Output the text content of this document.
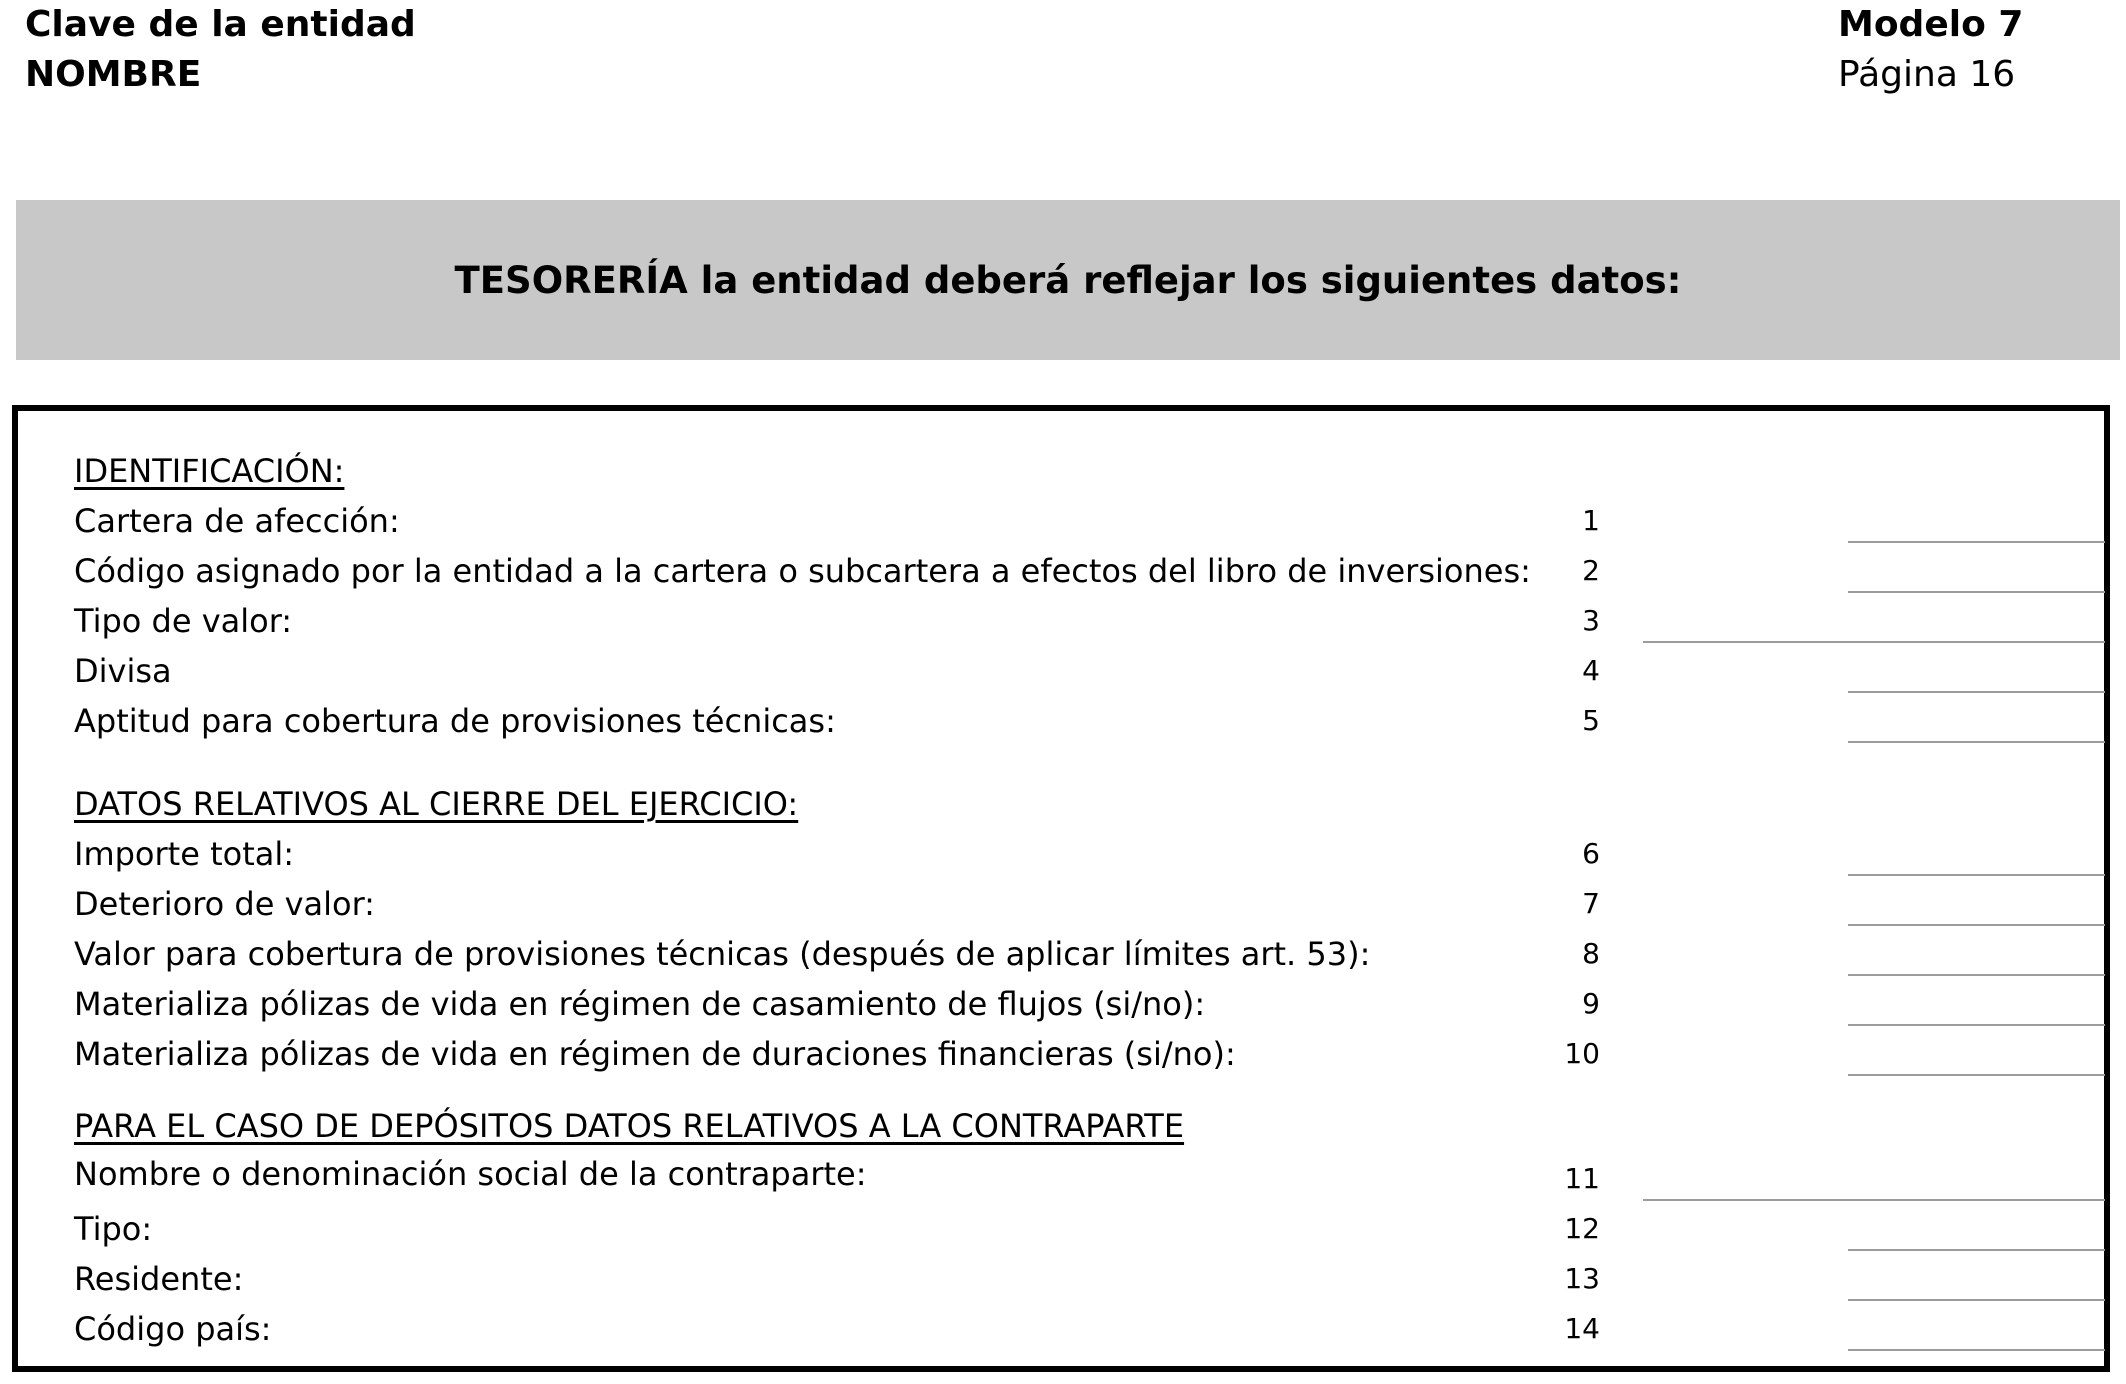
Clave de la entidad
NOMBRE
Modelo 7
Página 16
TESORERÍA la entidad deberá reflejar los siguientes datos:
IDENTIFICACIÓN:
Cartera de afección:	1
Código asignado por la entidad a la cartera o subcartera a efectos del libro de inversiones:	2
Tipo de valor:	3
Divisa	4
Aptitud para cobertura de provisiones técnicas:	5
DATOS RELATIVOS AL CIERRE DEL EJERCICIO:
Importe total:	6
Deterioro de valor:	7
Valor para cobertura de provisiones técnicas (después de aplicar límites art. 53):	8
Materializa pólizas de vida en régimen de casamiento de flujos (si/no):	9
Materializa pólizas de vida en régimen de duraciones financieras (si/no):	10
PARA EL CASO DE DEPÓSITOS DATOS RELATIVOS A LA CONTRAPARTE
Nombre o denominación social de la contraparte:	11
Tipo:	12
Residente:	13
Código país:	14
